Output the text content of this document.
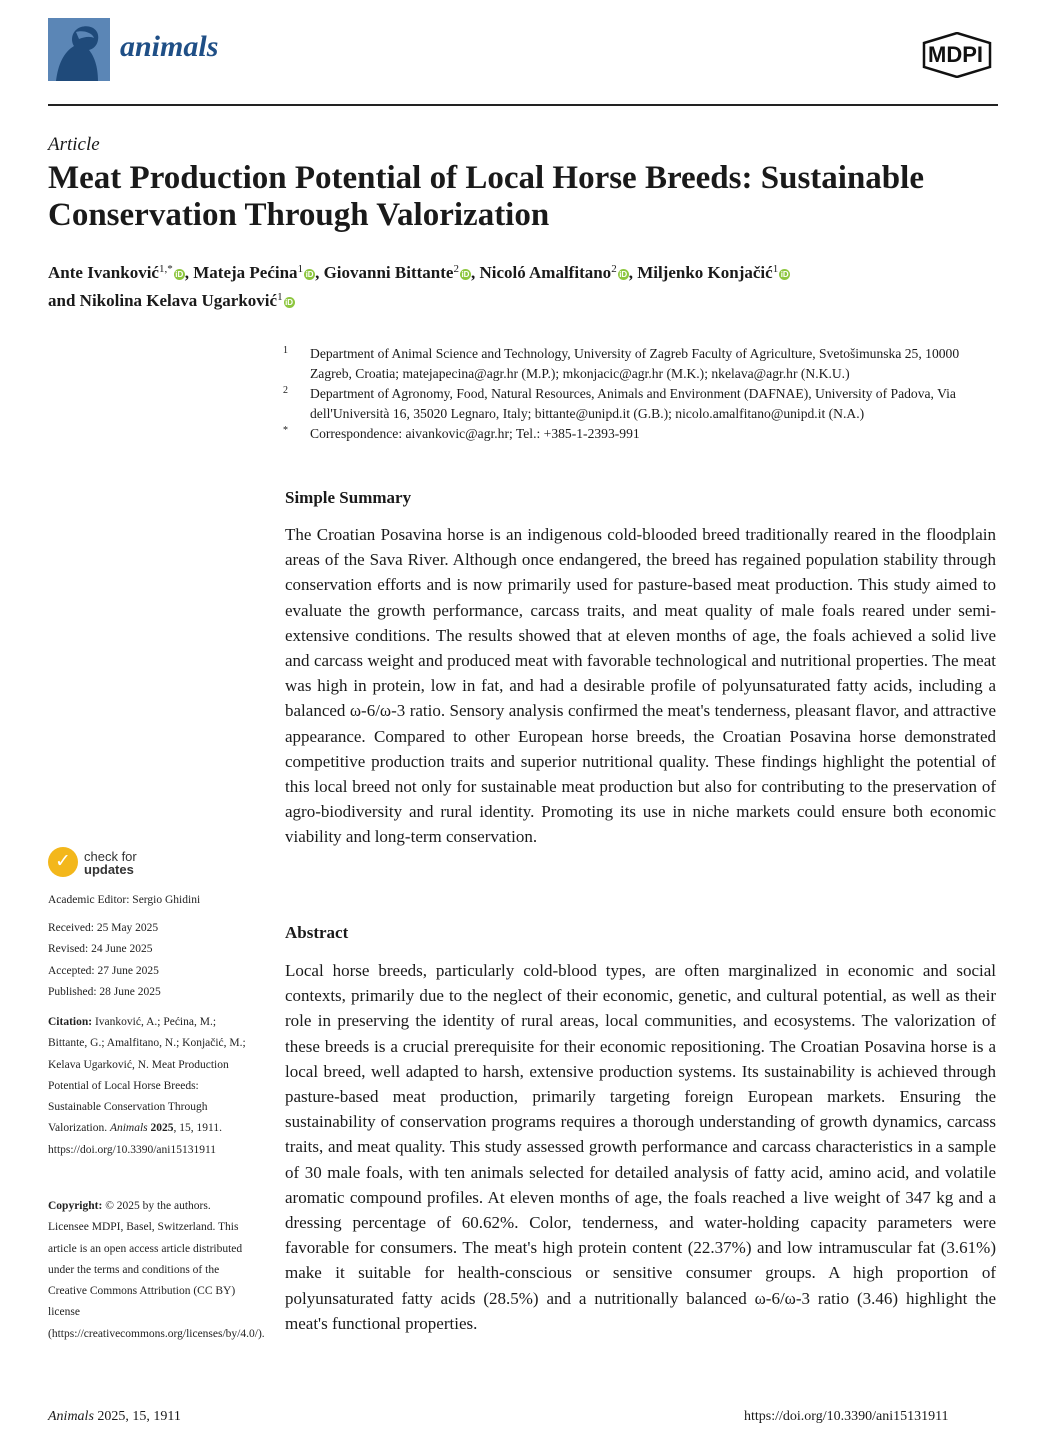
animals	MDPI
Article
Meat Production Potential of Local Horse Breeds: Sustainable Conservation Through Valorization
Ante Ivanković$^{1,*}$ iD, Mateja Pećina$^1$ iD, Giovanni Bittante$^2$ iD, Nicoló Amalfitano$^2$ iD, Miljenko Konjačić$^1$ iD
and Nikolina Kelava Ugarković$^1$ iD
1 Department of Animal Science and Technology, University of Zagreb Faculty of Agriculture, Svetošimunska 25, 10000 Zagreb, Croatia; matejapecina@agr.hr (M.P.); mkonjacic@agr.hr (M.K.); nkelava@agr.hr (N.K.U.)
2 Department of Agronomy, Food, Natural Resources, Animals and Environment (DAFNAE), University of Padova, Via dell'Università 16, 35020 Legnaro, Italy; bittante@unipd.it (G.B.); nicolo.amalfitano@unipd.it (N.A.)
* Correspondence: aivankovic@agr.hr; Tel.: +385-1-2393-991
Simple Summary
The Croatian Posavina horse is an indigenous cold-blooded breed traditionally reared in the floodplain areas of the Sava River. Although once endangered, the breed has regained population stability through conservation efforts and is now primarily used for pasture-based meat production. This study aimed to evaluate the growth performance, carcass traits, and meat quality of male foals reared under semi-extensive conditions. The results showed that at eleven months of age, the foals achieved a solid live and carcass weight and produced meat with favorable technological and nutritional properties. The meat was high in protein, low in fat, and had a desirable profile of polyunsaturated fatty acids, including a balanced ω-6/ω-3 ratio. Sensory analysis confirmed the meat's tenderness, pleasant flavor, and attractive appearance. Compared to other European horse breeds, the Croatian Posavina horse demonstrated competitive production traits and superior nutritional quality. These findings highlight the potential of this local breed not only for sustainable meat production but also for contributing to the preservation of agro-biodiversity and rural identity. Promoting its use in niche markets could ensure both economic viability and long-term conservation.
Abstract
Local horse breeds, particularly cold-blood types, are often marginalized in economic and social contexts, primarily due to the neglect of their economic, genetic, and cultural potential, as well as their role in preserving the identity of rural areas, local communities, and ecosystems. The valorization of these breeds is a crucial prerequisite for their economic repositioning. The Croatian Posavina horse is a local breed, well adapted to harsh, extensive production systems. Its sustainability is achieved through pasture-based meat production, primarily targeting foreign European markets. Ensuring the sustainability of conservation programs requires a thorough understanding of growth dynamics, carcass traits, and meat quality. This study assessed growth performance and carcass characteristics in a sample of 30 male foals, with ten animals selected for detailed analysis of fatty acid, amino acid, and volatile aromatic compound profiles. At eleven months of age, the foals reached a live weight of 347 kg and a dressing percentage of 60.62%. Color, tenderness, and water-holding capacity parameters were favorable for consumers. The meat's high protein content (22.37%) and low intramuscular fat (3.61%) make it suitable for health-conscious or sensitive consumer groups. A high proportion of polyunsaturated fatty acids (28.5%) and a nutritionally balanced ω-6/ω-3 ratio (3.46) highlight the meat's functional properties.
✓ check for
updates
Academic Editor: Sergio Ghidini
Received: 25 May 2025
Revised: 24 June 2025
Accepted: 27 June 2025
Published: 28 June 2025
Citation: Ivanković, A.; Pećina, M.; Bittante, G.; Amalfitano, N.; Konjačić, M.; Kelava Ugarković, N. Meat Production Potential of Local Horse Breeds: Sustainable Conservation Through Valorization. Animals 2025, 15, 1911. https://doi.org/10.3390/ani15131911
Copyright: © 2025 by the authors. Licensee MDPI, Basel, Switzerland. This article is an open access article distributed under the terms and conditions of the Creative Commons Attribution (CC BY) license (https://creativecommons.org/licenses/by/4.0/).
Animals 2025, 15, 1911	https://doi.org/10.3390/ani15131911
